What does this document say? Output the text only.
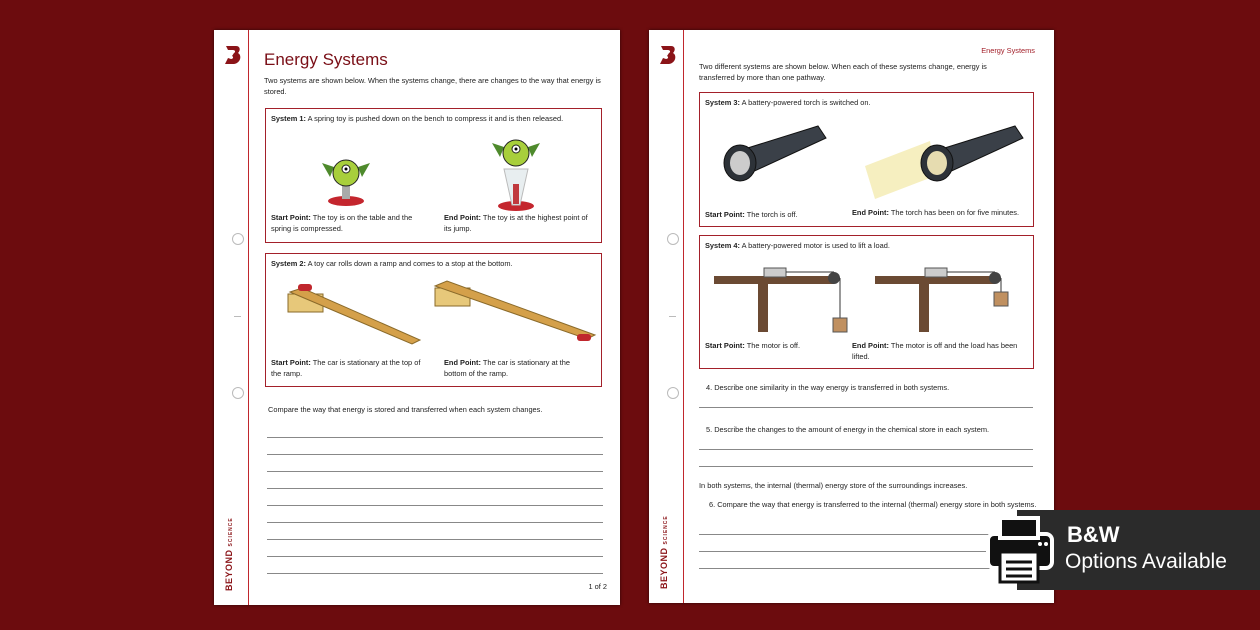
BEYONDSCIENCE
Energy Systems
Two systems are shown below. When the systems change, there are changes to the way that energy is stored.
System 1: A spring toy is pushed down on the bench to compress it and is then released.
Start Point: The toy is on the table and the spring is compressed.
End Point: The toy is at the highest point of its jump.
System 2: A toy car rolls down a ramp and comes to a stop at the bottom.
Start Point: The car is stationary at the top of the ramp.
End Point: The car is stationary at the bottom of the ramp.
Compare the way that energy is stored and transferred when each system changes.
1 of 2	BEYONDSCIENCE
Energy Systems
Two different systems are shown below. When each of these systems change, energy is transferred by more than one pathway.
System 3: A battery-powered torch is switched on.
Start Point: The torch is off.	End Point: The torch has been on for five minutes.
System 4: A battery-powered motor is used to lift a load.
Start Point: The motor is off.	End Point: The motor is off and the load has been lifted.
4. Describe one similarity in the way energy is transferred in both systems.
5. Describe the changes to the amount of energy in the chemical store in each system.
In both systems, the internal (thermal) energy store of the surroundings increases.
6. Compare the way that energy is transferred to the internal (thermal) energy store in both systems.
B&W
Options Available
